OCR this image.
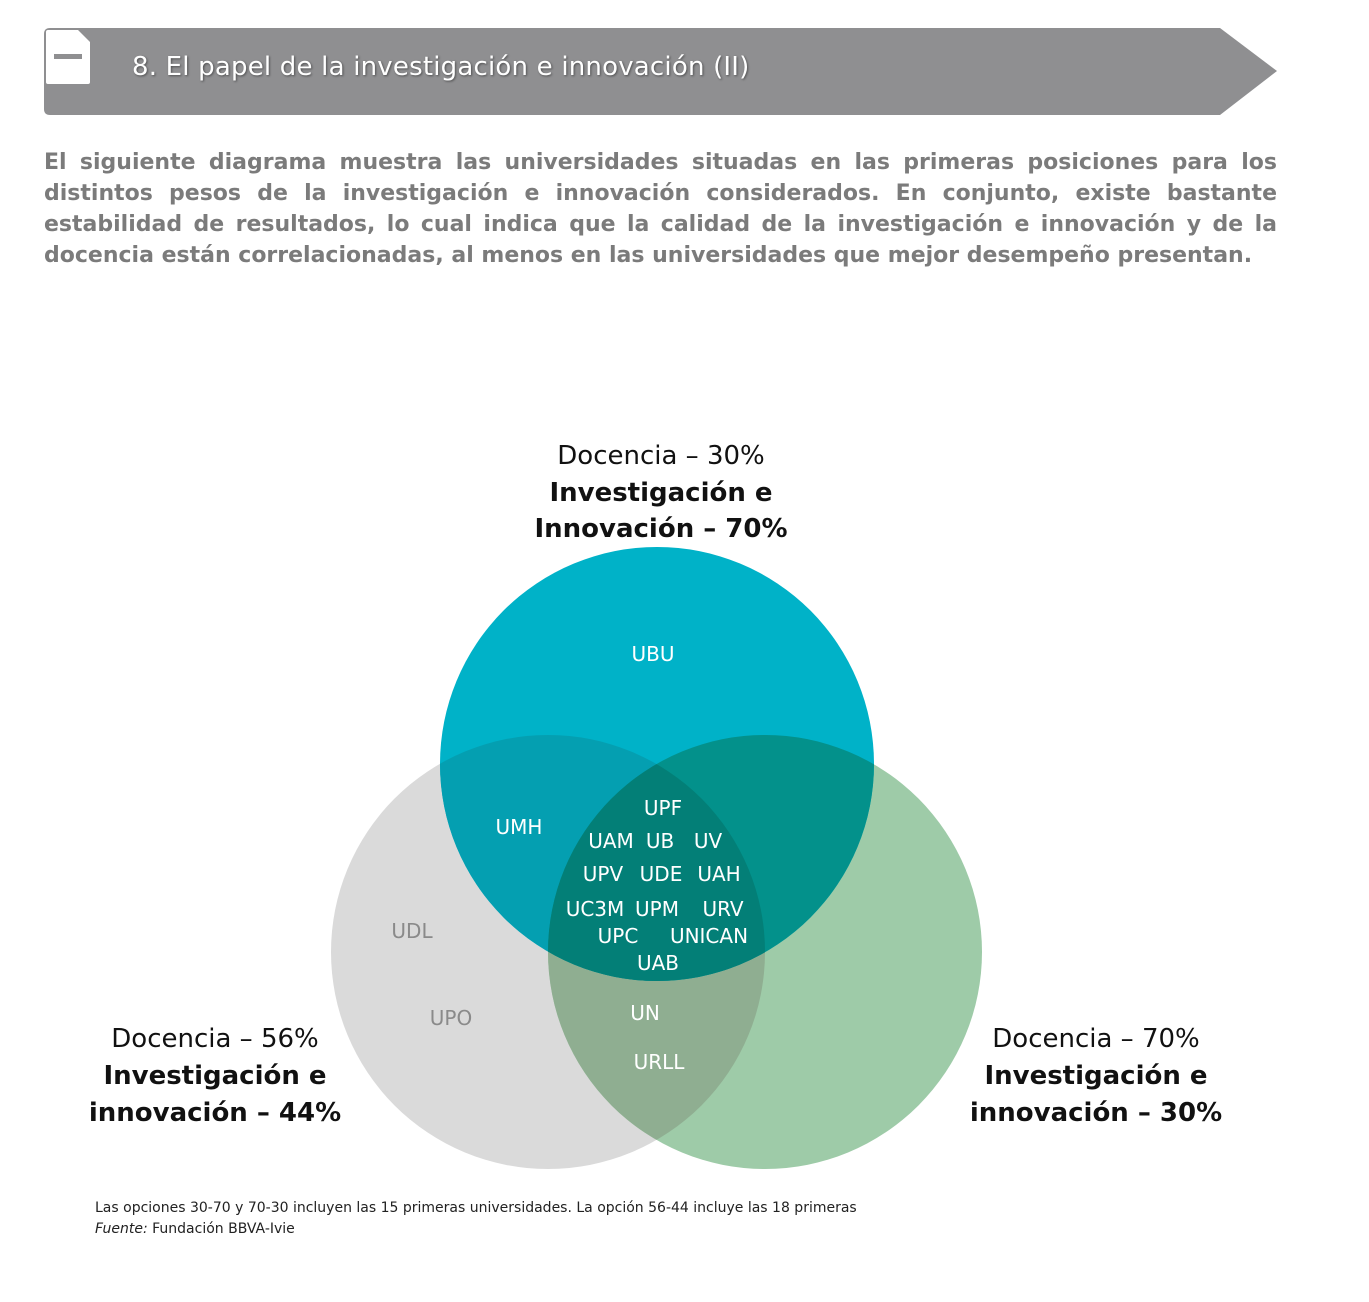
8. El papel de la investigación e innovación (II)

El siguiente diagrama muestra las universidades situadas en las primeras posiciones para los distintos pesos de la investigación e innovación considerados. En conjunto, existe bastante estabilidad de resultados, lo cual indica que la calidad de la investigación e innovación y de la docencia están correlacionadas, al menos en las universidades que mejor desempeño presentan.

Docencia – 30%
Investigación e
Innovación – 70%
Docencia – 56%
Investigación e
innovación – 44%
Docencia – 70%
Investigación e
innovación – 30%
UBU
UMH
UDL
UPO	UN
URLL
UPF
UAM UB UV
UPV UDE UAH
UC3M UPM URV
UPC UNICAN
UAB
Las opciones 30-70 y 70-30 incluyen las 15 primeras universidades. La opción 56-44 incluye las 18 primeras
Fuente: Fundación BBVA-Ivie
